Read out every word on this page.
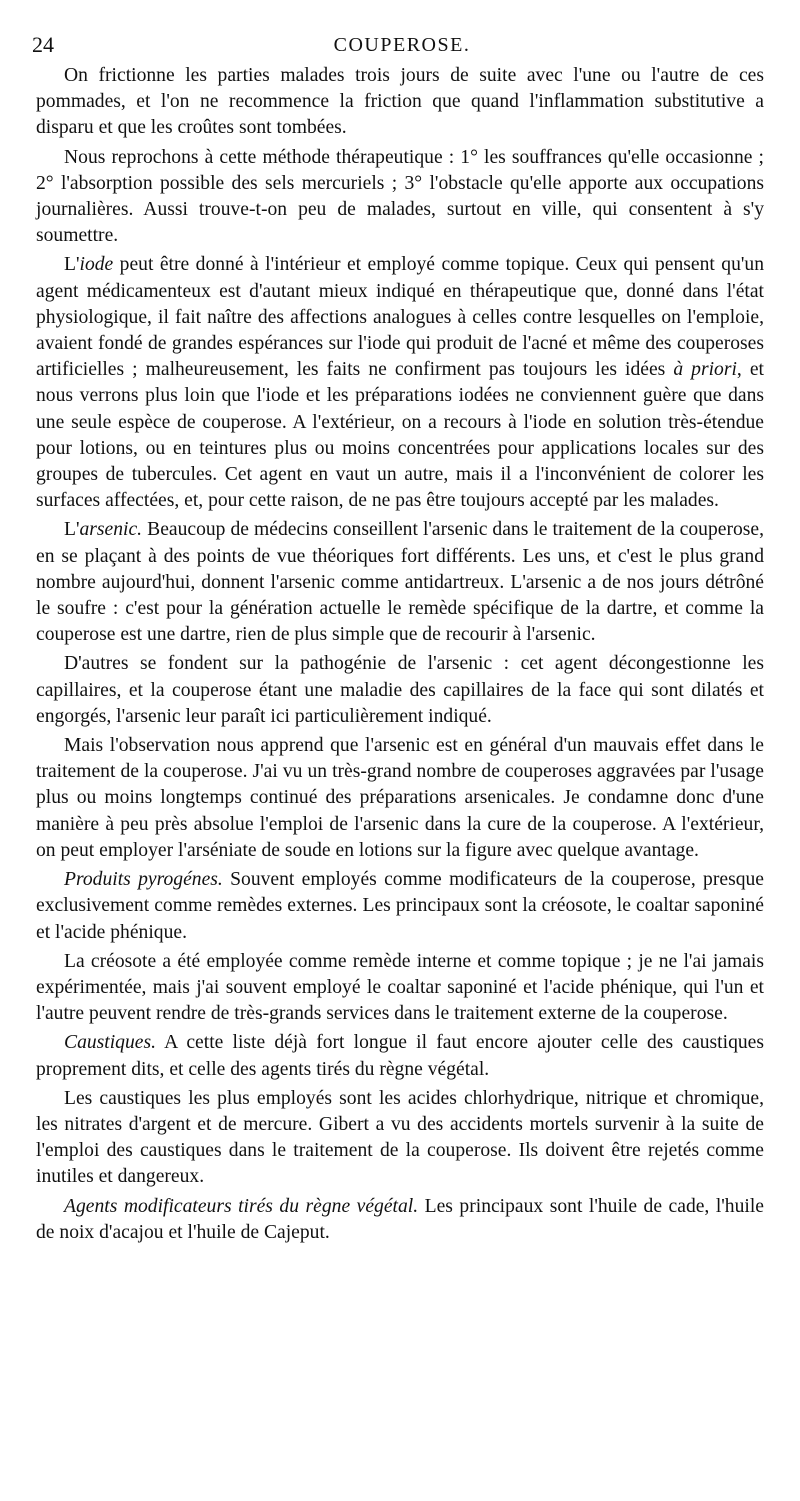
24	COUPEROSE.

On frictionne les parties malades trois jours de suite avec l'une ou l'autre de ces pommades, et l'on ne recommence la friction que quand l'inflammation substitutive a disparu et que les croûtes sont tombées.

Nous reprochons à cette méthode thérapeutique : 1° les souffrances qu'elle occasionne ; 2° l'absorption possible des sels mercuriels ; 3° l'obstacle qu'elle apporte aux occupations journalières. Aussi trouve-t-on peu de malades, surtout en ville, qui consentent à s'y soumettre.

L'iode peut être donné à l'intérieur et employé comme topique. Ceux qui pensent qu'un agent médicamenteux est d'autant mieux indiqué en thérapeutique que, donné dans l'état physiologique, il fait naître des affections analogues à celles contre lesquelles on l'emploie, avaient fondé de grandes espérances sur l'iode qui produit de l'acné et même des couperoses artificielles ; malheureusement, les faits ne confirment pas toujours les idées à priori, et nous verrons plus loin que l'iode et les préparations iodées ne conviennent guère que dans une seule espèce de couperose. A l'extérieur, on a recours à l'iode en solution très-étendue pour lotions, ou en teintures plus ou moins concentrées pour applications locales sur des groupes de tubercules. Cet agent en vaut un autre, mais il a l'inconvénient de colorer les surfaces affectées, et, pour cette raison, de ne pas être toujours accepté par les malades.

L'arsenic. Beaucoup de médecins conseillent l'arsenic dans le traitement de la couperose, en se plaçant à des points de vue théoriques fort différents. Les uns, et c'est le plus grand nombre aujourd'hui, donnent l'arsenic comme antidartreux. L'arsenic a de nos jours détrôné le soufre : c'est pour la génération actuelle le remède spécifique de la dartre, et comme la couperose est une dartre, rien de plus simple que de recourir à l'arsenic.

D'autres se fondent sur la pathogénie de l'arsenic : cet agent décongestionne les capillaires, et la couperose étant une maladie des capillaires de la face qui sont dilatés et engorgés, l'arsenic leur paraît ici particulièrement indiqué.

Mais l'observation nous apprend que l'arsenic est en général d'un mauvais effet dans le traitement de la couperose. J'ai vu un très-grand nombre de couperoses aggravées par l'usage plus ou moins longtemps continué des préparations arsenicales. Je condamne donc d'une manière à peu près absolue l'emploi de l'arsenic dans la cure de la couperose. A l'extérieur, on peut employer l'arséniate de soude en lotions sur la figure avec quelque avantage.

Produits pyrogénes. Souvent employés comme modificateurs de la couperose, presque exclusivement comme remèdes externes. Les principaux sont la créosote, le coaltar saponiné et l'acide phénique.

La créosote a été employée comme remède interne et comme topique ; je ne l'ai jamais expérimentée, mais j'ai souvent employé le coaltar saponiné et l'acide phénique, qui l'un et l'autre peuvent rendre de très-grands services dans le traitement externe de la couperose.

Caustiques. A cette liste déjà fort longue il faut encore ajouter celle des caustiques proprement dits, et celle des agents tirés du règne végétal.

Les caustiques les plus employés sont les acides chlorhydrique, nitrique et chromique, les nitrates d'argent et de mercure. Gibert a vu des accidents mortels survenir à la suite de l'emploi des caustiques dans le traitement de la couperose. Ils doivent être rejetés comme inutiles et dangereux.

Agents modificateurs tirés du règne végétal. Les principaux sont l'huile de cade, l'huile de noix d'acajou et l'huile de Cajeput.
